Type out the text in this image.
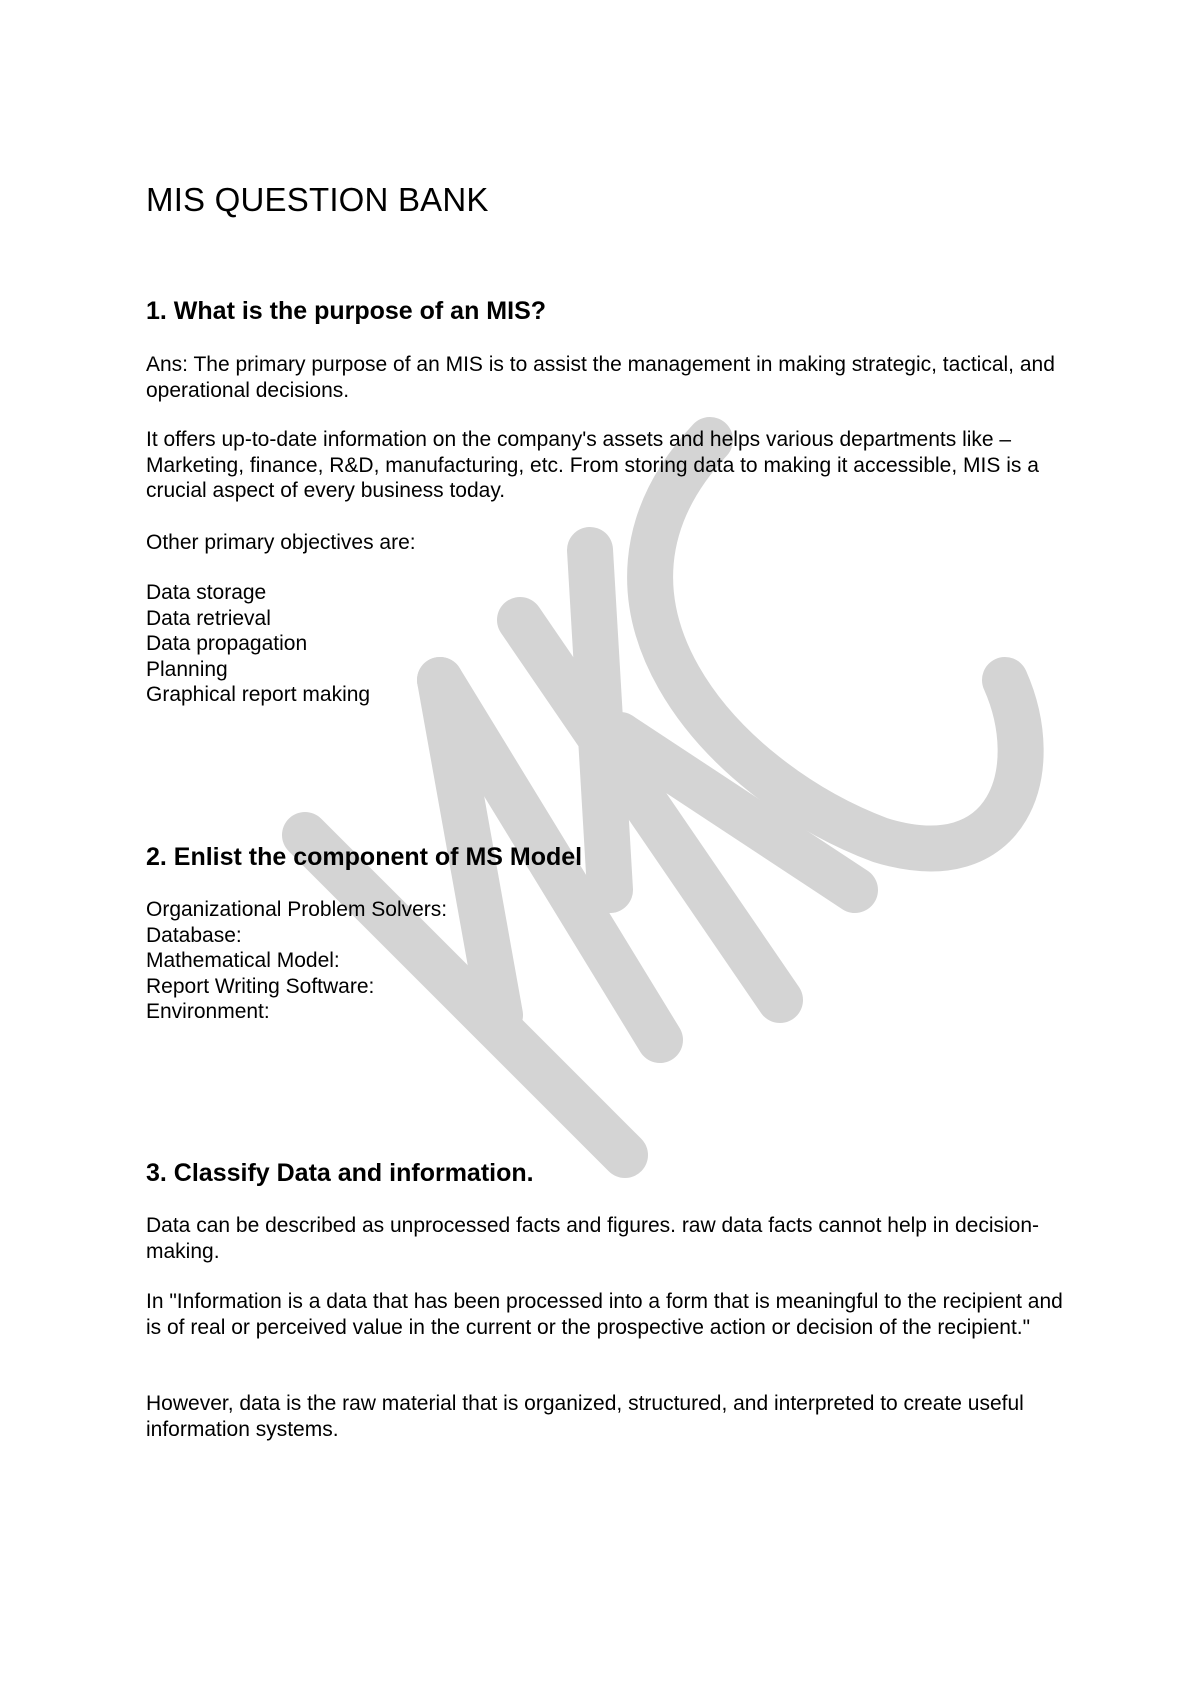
MIS QUESTION BANK
1. What is the purpose of an MIS?

Ans: The primary purpose of an MIS is to assist the management in making strategic, tactical, and operational decisions.

It offers up-to-date information on the company's assets and helps various departments like – Marketing, finance, R&D, manufacturing, etc. From storing data to making it accessible, MIS is a crucial aspect of every business today.

Other primary objectives are:

Data storage
Data retrieval
Data propagation
Planning
Graphical report making
2. Enlist the component of MS Model
Organizational Problem Solvers:
Database:
Mathematical Model:
Report Writing Software:
Environment:
3. Classify Data and information.

Data can be described as unprocessed facts and figures. raw data facts cannot help in decision-making.

In "Information is a data that has been processed into a form that is meaningful to the recipient and is of real or perceived value in the current or the prospective action or decision of the recipient."

However, data is the raw material that is organized, structured, and interpreted to create useful information systems.
